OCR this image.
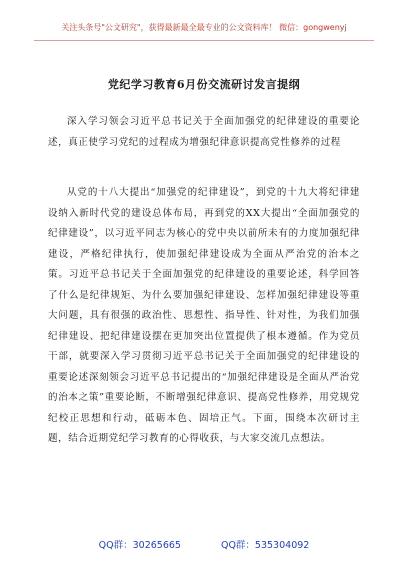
关注头条号"公文研究"，获得最新最全最专业的公文资料库！ 微信：gongwenyj
党纪学习教育6月份交流研讨发言提纲

深入学习领会习近平总书记关于全面加强党的纪律建设的重要论述，真正使学习党纪的过程成为增强纪律意识提高党性修养的过程

从党的十八大提出“加强党的纪律建设”，到党的十九大将纪律建设纳入新时代党的建设总体布局，再到党的XX大提出“全面加强党的纪律建设”，以习近平同志为核心的党中央以前所未有的力度加强纪律建设，严格纪律执行，使加强纪律建设成为全面从严治党的治本之策。习近平总书记关于全面加强党的纪律建设的重要论述，科学回答了什么是纪律规矩、为什么要加强纪律建设、怎样加强纪律建设等重大问题，具有很强的政治性、思想性、指导性、针对性，为我们加强纪律建设、把纪律建设摆在更加突出位置提供了根本遵循。作为党员干部，就要深入学习贯彻习近平总书记关于全面加强党的纪律建设的重要论述深刻领会习近平总书记提出的“加强纪律建设是全面从严治党的治本之策”重要论断，不断增强纪律意识、提高党性修养，用党规党纪校正思想和行动，砥砺本色、固培正气。下面，围绕本次研讨主题，结合近期党纪学习教育的心得收获，与大家交流几点想法。

QQ群：30265665	QQ群：535304092
